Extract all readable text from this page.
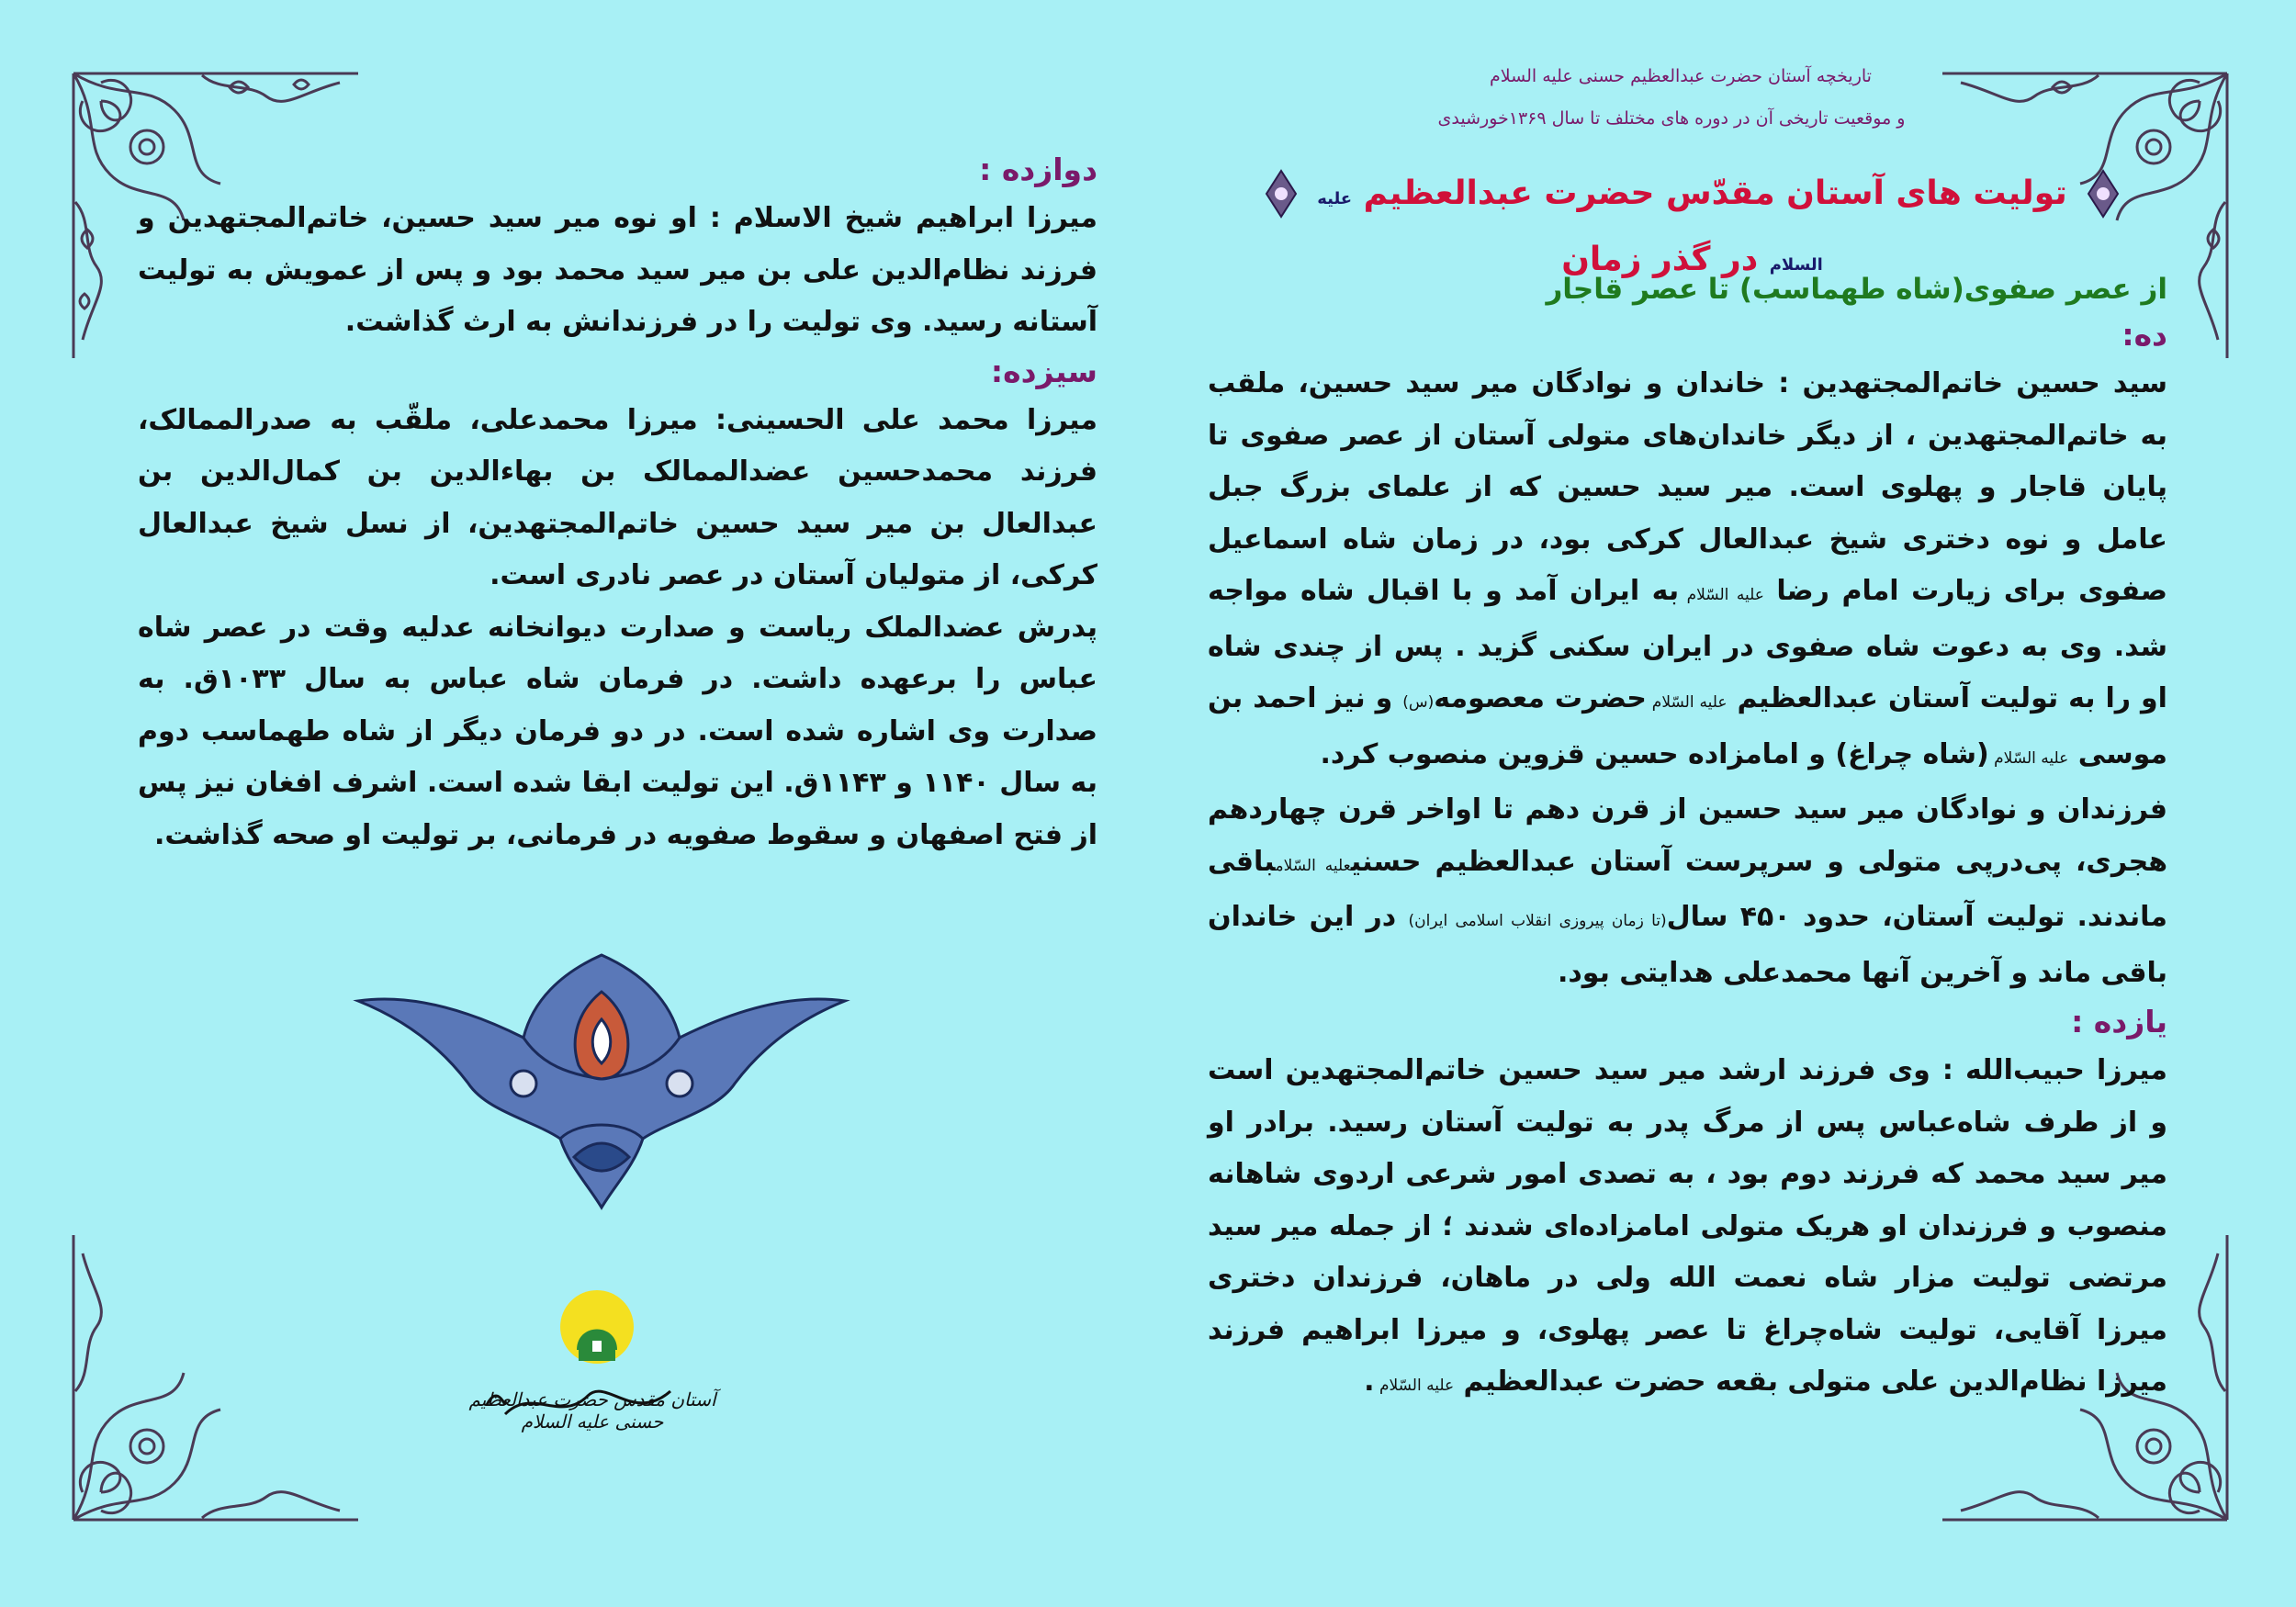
تاریخچه آستان حضرت عبدالعظیم حسنی علیه السلام
و موقعیت تاریخی آن در دوره های مختلف تا سال ۱۳۶۹خورشیدی
تولیت های آستان مقدّس حضرت عبدالعظیم علیه السلام در گذر زمان

از عصر صفوی(شاه طهماسب) تا عصر قاجار

ده:

سید حسین خاتم‌المجتهدین : خاندان و نوادگان میر سید حسین، ملقب به خاتم‌المجتهدین ، از دیگر خاندان‌های متولی آستان از عصر صفوی تا پایان قاجار و پهلوی است. میر سید حسین که از علمای بزرگ جبل عامل و نوه دختری شیخ عبدالعال کرکی بود، در زمان شاه اسماعیل صفوی برای زیارت امام رضا علیه السّلام به ایران آمد و با اقبال شاه مواجه شد. وی به دعوت شاه صفوی در ایران سکنی گزید . پس از چندی شاه او را به تولیت آستان عبدالعظیم علیه السّلام حضرت معصومه(س) و نیز احمد بن موسی علیه السّلام (شاه چراغ) و امامزاده حسین قزوین منصوب کرد.

فرزندان و نوادگان میر سید حسین از قرن دهم تا اواخر قرن چهاردهم هجری، پی‌درپی متولی و سرپرست آستان عبدالعظیم حسنیعلیه السّلامباقی ماندند. تولیت آستان، حدود ۴۵۰ سال(تا زمان پیروزی انقلاب اسلامی ایران) در این خاندان باقی ماند و آخرین آنها محمدعلی هدایتی بود.

یازده :

میرزا حبیب‌الله : وی فرزند ارشد میر سید حسین خاتم‌المجتهدین است و از طرف شاه‌عباس پس از مرگ پدر به تولیت آستان رسید. برادر او میر سید محمد که فرزند دوم بود ، به تصدی امور شرعی اردوی شاهانه منصوب و فرزندان او هریک متولی امامزاده‌ای شدند ؛ از جمله میر سید مرتضی تولیت مزار شاه نعمت الله ولی در ماهان، فرزندان دختری میرزا آقایی، تولیت شاه‌چراغ تا عصر پهلوی، و میرزا ابراهیم فرزند میرزا نظام‌الدین علی متولی بقعه حضرت عبدالعظیم علیه السّلام .

دوازده :

میرزا ابراهیم شیخ الاسلام : او نوه میر سید حسین، خاتم‌المجتهدین و فرزند نظام‌الدین علی بن میر سید محمد بود و پس از عمویش به تولیت آستانه رسید. وی تولیت را در فرزندانش به ارث گذاشت.

سیزده:

میرزا محمد علی الحسینی: میرزا محمدعلی، ملقّب به صدرالممالک، فرزند محمدحسین عضدالممالک بن بهاءالدین بن کمال‌الدین بن عبدالعال بن میر سید حسین خاتم‌المجتهدین، از نسل شیخ عبدالعال کرکی، از متولیان آستان در عصر نادری است.

پدرش عضدالملک ریاست و صدارت دیوانخانه عدلیه وقت در عصر شاه عباس را برعهده داشت. در فرمان شاه عباس به سال ۱۰۳۳ق. به صدارت وی اشاره شده است. در دو فرمان دیگر از شاه طهماسب دوم به سال ۱۱۴۰ و ۱۱۴۳ق. این تولیت ابقا شده است. اشرف افغان نیز پس از فتح اصفهان و سقوط صفویه در فرمانی، بر تولیت او صحه گذاشت.

آستان مقدس حضرت عبدالعظیم حسنی علیه السلام
